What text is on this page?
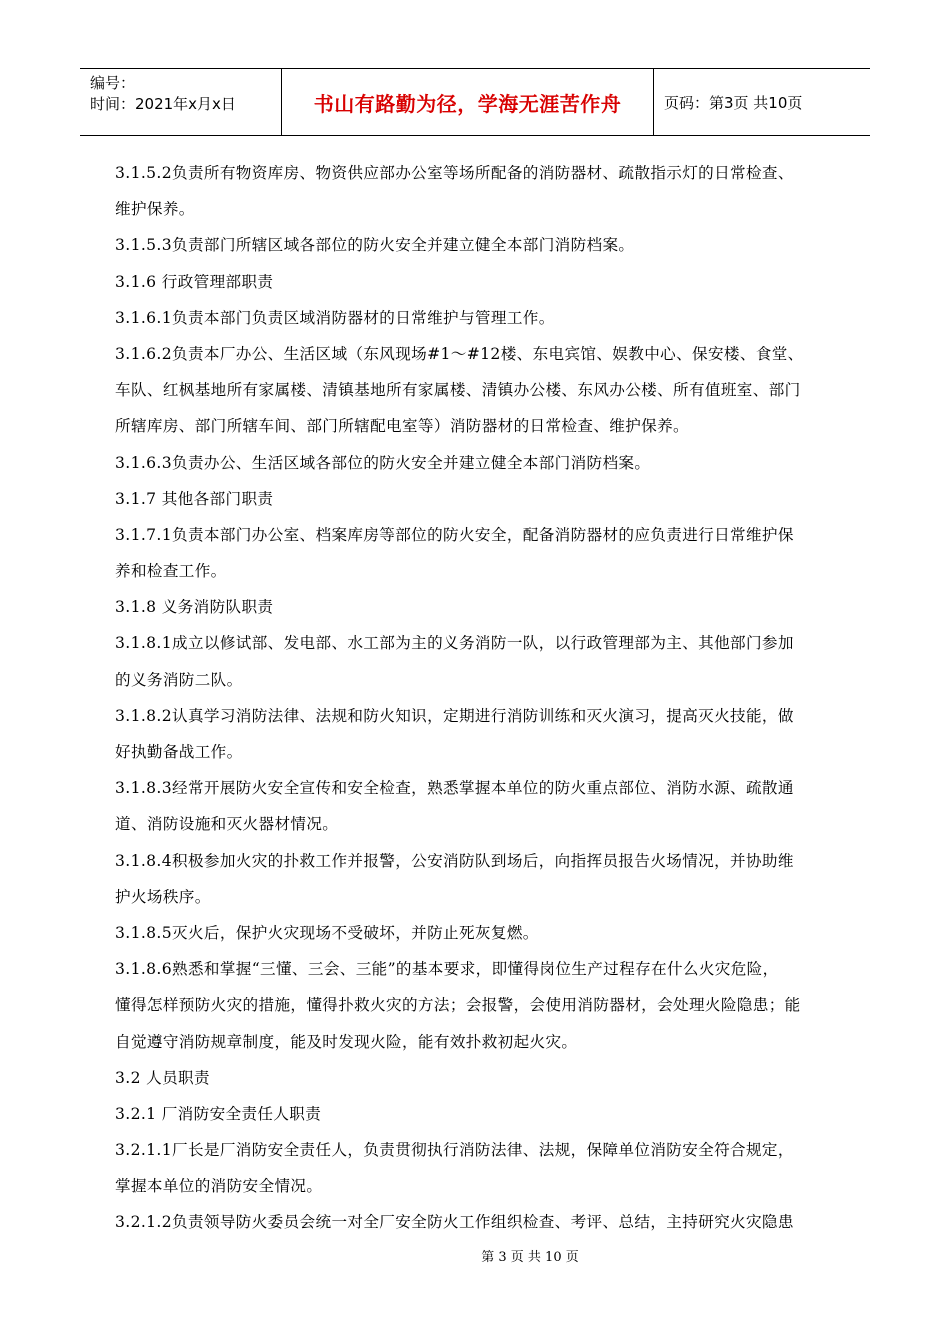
编号：
时间：2021年x月x日	书山有路勤为径，学海无涯苦作舟	页码：第3页 共10页
3.1.5.2负责所有物资库房、物资供应部办公室等场所配备的消防器材、疏散指示灯的日常检查、
维护保养。
3.1.5.3负责部门所辖区域各部位的防火安全并建立健全本部门消防档案。
3.1.6 行政管理部职责
3.1.6.1负责本部门负责区域消防器材的日常维护与管理工作。
3.1.6.2负责本厂办公、生活区域（东风现场#1～#12楼、东电宾馆、娱教中心、保安楼、食堂、
车队、红枫基地所有家属楼、清镇基地所有家属楼、清镇办公楼、东风办公楼、所有值班室、部门
所辖库房、部门所辖车间、部门所辖配电室等）消防器材的日常检查、维护保养。
3.1.6.3负责办公、生活区域各部位的防火安全并建立健全本部门消防档案。
3.1.7 其他各部门职责
3.1.7.1负责本部门办公室、档案库房等部位的防火安全，配备消防器材的应负责进行日常维护保
养和检查工作。
3.1.8 义务消防队职责
3.1.8.1成立以修试部、发电部、水工部为主的义务消防一队，以行政管理部为主、其他部门参加
的义务消防二队。
3.1.8.2认真学习消防法律、法规和防火知识，定期进行消防训练和灭火演习，提高灭火技能，做
好执勤备战工作。
3.1.8.3经常开展防火安全宣传和安全检查，熟悉掌握本单位的防火重点部位、消防水源、疏散通
道、消防设施和灭火器材情况。
3.1.8.4积极参加火灾的扑救工作并报警，公安消防队到场后，向指挥员报告火场情况，并协助维
护火场秩序。
3.1.8.5灭火后，保护火灾现场不受破坏，并防止死灰复燃。
3.1.8.6熟悉和掌握“三懂、三会、三能”的基本要求，即懂得岗位生产过程存在什么火灾危险，
懂得怎样预防火灾的措施，懂得扑救火灾的方法；会报警，会使用消防器材，会处理火险隐患；能
自觉遵守消防规章制度，能及时发现火险，能有效扑救初起火灾。
3.2 人员职责
3.2.1 厂消防安全责任人职责
3.2.1.1厂长是厂消防安全责任人，负责贯彻执行消防法律、法规，保障单位消防安全符合规定，
掌握本单位的消防安全情况。
3.2.1.2负责领导防火委员会统一对全厂安全防火工作组织检查、考评、总结，主持研究火灾隐患
第 3 页 共 10 页
